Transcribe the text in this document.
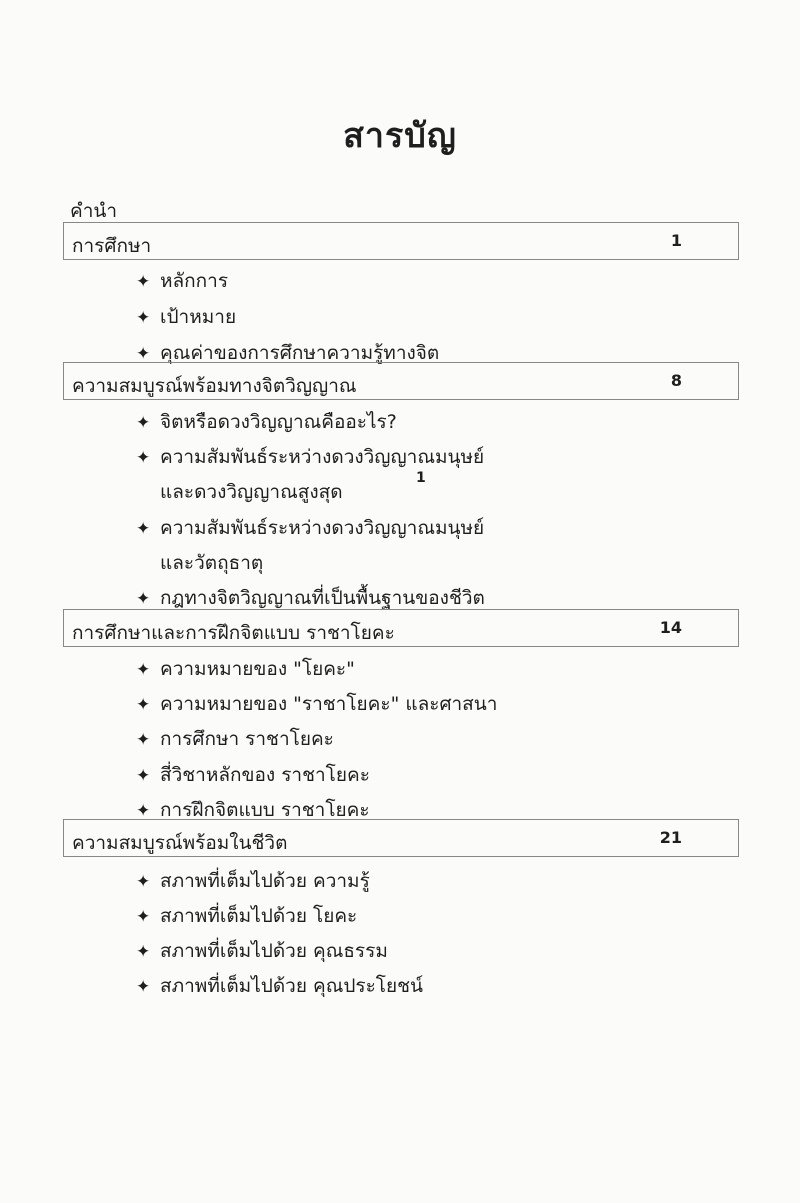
สารบัญ
คำนำ
การศึกษา	1
✦ หลักการ
✦ เป้าหมาย
✦ คุณค่าของการศึกษาความรู้ทางจิต
ความสมบูรณ์พร้อมทางจิตวิญญาณ	8
✦ จิตหรือดวงวิญญาณคืออะไร?
✦ ความสัมพันธ์ระหว่างดวงวิญญาณมนุษย์
และดวงวิญญาณสูงสุด
1
✦ ความสัมพันธ์ระหว่างดวงวิญญาณมนุษย์
และวัตถุธาตุ
✦ กฎทางจิตวิญญาณที่เป็นพื้นฐานของชีวิต
การศึกษาและการฝึกจิตแบบ ราชาโยคะ	14
✦ ความหมายของ "โยคะ"
✦ ความหมายของ "ราชาโยคะ" และศาสนา
✦ การศึกษา ราชาโยคะ
✦ สี่วิชาหลักของ ราชาโยคะ
✦ การฝึกจิตแบบ ราชาโยคะ
ความสมบูรณ์พร้อมในชีวิต	21
✦ สภาพที่เต็มไปด้วย ความรู้
✦ สภาพที่เต็มไปด้วย โยคะ
✦ สภาพที่เต็มไปด้วย คุณธรรม
✦ สภาพที่เต็มไปด้วย คุณประโยชน์
